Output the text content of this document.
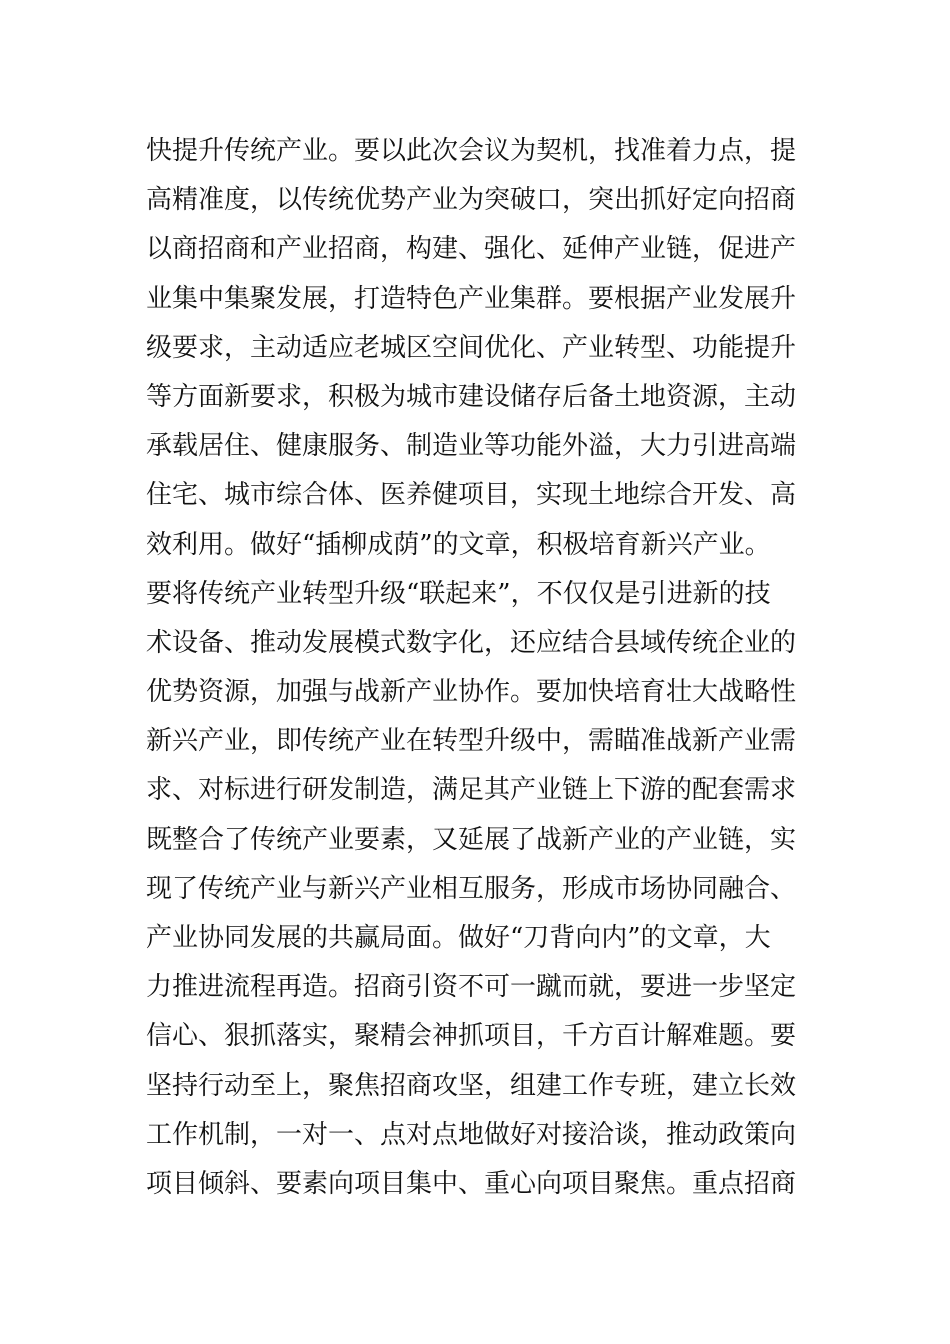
快提升传统产业。要以此次会议为契机，找准着力点，提
高精准度，以传统优势产业为突破口，突出抓好定向招商
以商招商和产业招商，构建、强化、延伸产业链，促进产
业集中集聚发展，打造特色产业集群。要根据产业发展升
级要求，主动适应老城区空间优化、产业转型、功能提升
等方面新要求，积极为城市建设储存后备土地资源，主动
承载居住、健康服务、制造业等功能外溢，大力引进高端
住宅、城市综合体、医养健项目，实现土地综合开发、高
效利用。做好“插柳成荫”的文章，积极培育新兴产业。
要将传统产业转型升级“联起来”，不仅仅是引进新的技
术设备、推动发展模式数字化，还应结合县域传统企业的
优势资源，加强与战新产业协作。要加快培育壮大战略性
新兴产业，即传统产业在转型升级中，需瞄准战新产业需
求、对标进行研发制造，满足其产业链上下游的配套需求
既整合了传统产业要素，又延展了战新产业的产业链，实
现了传统产业与新兴产业相互服务，形成市场协同融合、
产业协同发展的共赢局面。做好“刀背向内”的文章，大
力推进流程再造。招商引资不可一蹴而就，要进一步坚定
信心、狠抓落实，聚精会神抓项目，千方百计解难题。要
坚持行动至上，聚焦招商攻坚，组建工作专班，建立长效
工作机制，一对一、点对点地做好对接洽谈，推动政策向
项目倾斜、要素向项目集中、重心向项目聚焦。重点招商
